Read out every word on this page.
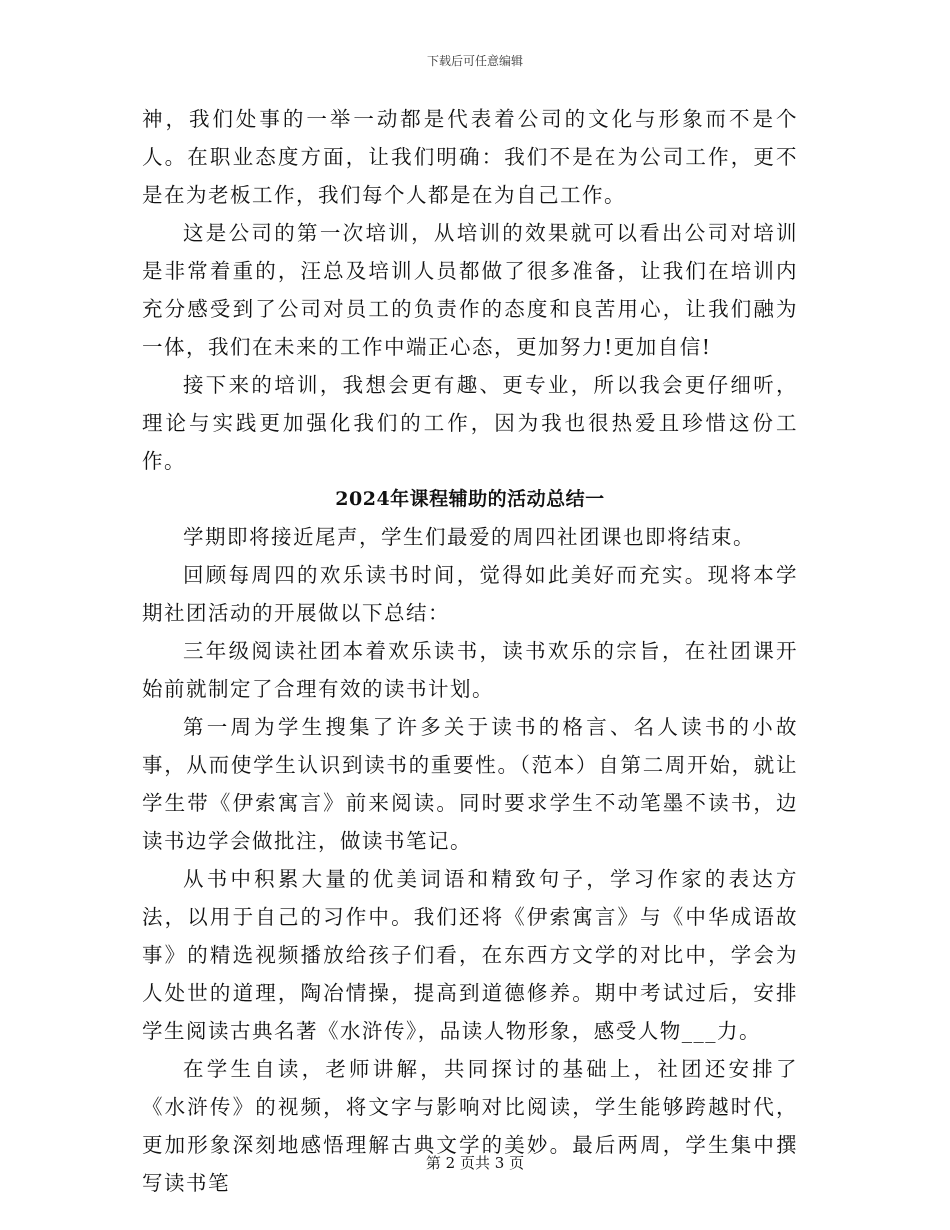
下载后可任意编辑

神，我们处事的一举一动都是代表着公司的文化与形象而不是个人。在职业态度方面，让我们明确：我们不是在为公司工作，更不是在为老板工作，我们每个人都是在为自己工作。

这是公司的第一次培训，从培训的效果就可以看出公司对培训是非常着重的，汪总及培训人员都做了很多准备，让我们在培训内充分感受到了公司对员工的负责作的态度和良苦用心，让我们融为一体，我们在未来的工作中端正心态，更加努力!更加自信!

接下来的培训，我想会更有趣、更专业，所以我会更仔细听，理论与实践更加强化我们的工作，因为我也很热爱且珍惜这份工作。

2024年课程辅助的活动总结一

学期即将接近尾声，学生们最爱的周四社团课也即将结束。

回顾每周四的欢乐读书时间，觉得如此美好而充实。现将本学期社团活动的开展做以下总结：

三年级阅读社团本着欢乐读书，读书欢乐的宗旨，在社团课开始前就制定了合理有效的读书计划。

第一周为学生搜集了许多关于读书的格言、名人读书的小故事，从而使学生认识到读书的重要性。（范本）自第二周开始，就让学生带《伊索寓言》前来阅读。同时要求学生不动笔墨不读书，边读书边学会做批注，做读书笔记。

从书中积累大量的优美词语和精致句子，学习作家的表达方法，以用于自己的习作中。我们还将《伊索寓言》与《中华成语故事》的精选视频播放给孩子们看，在东西方文学的对比中，学会为人处世的道理，陶冶情操，提高到道德修养。期中考试过后，安排学生阅读古典名著《水浒传》，品读人物形象，感受人物___力。

在学生自读，老师讲解，共同探讨的基础上，社团还安排了《水浒传》的视频，将文字与影响对比阅读，学生能够跨越时代，更加形象深刻地感悟理解古典文学的美妙。最后两周，学生集中撰写读书笔

第 2 页共 3 页
